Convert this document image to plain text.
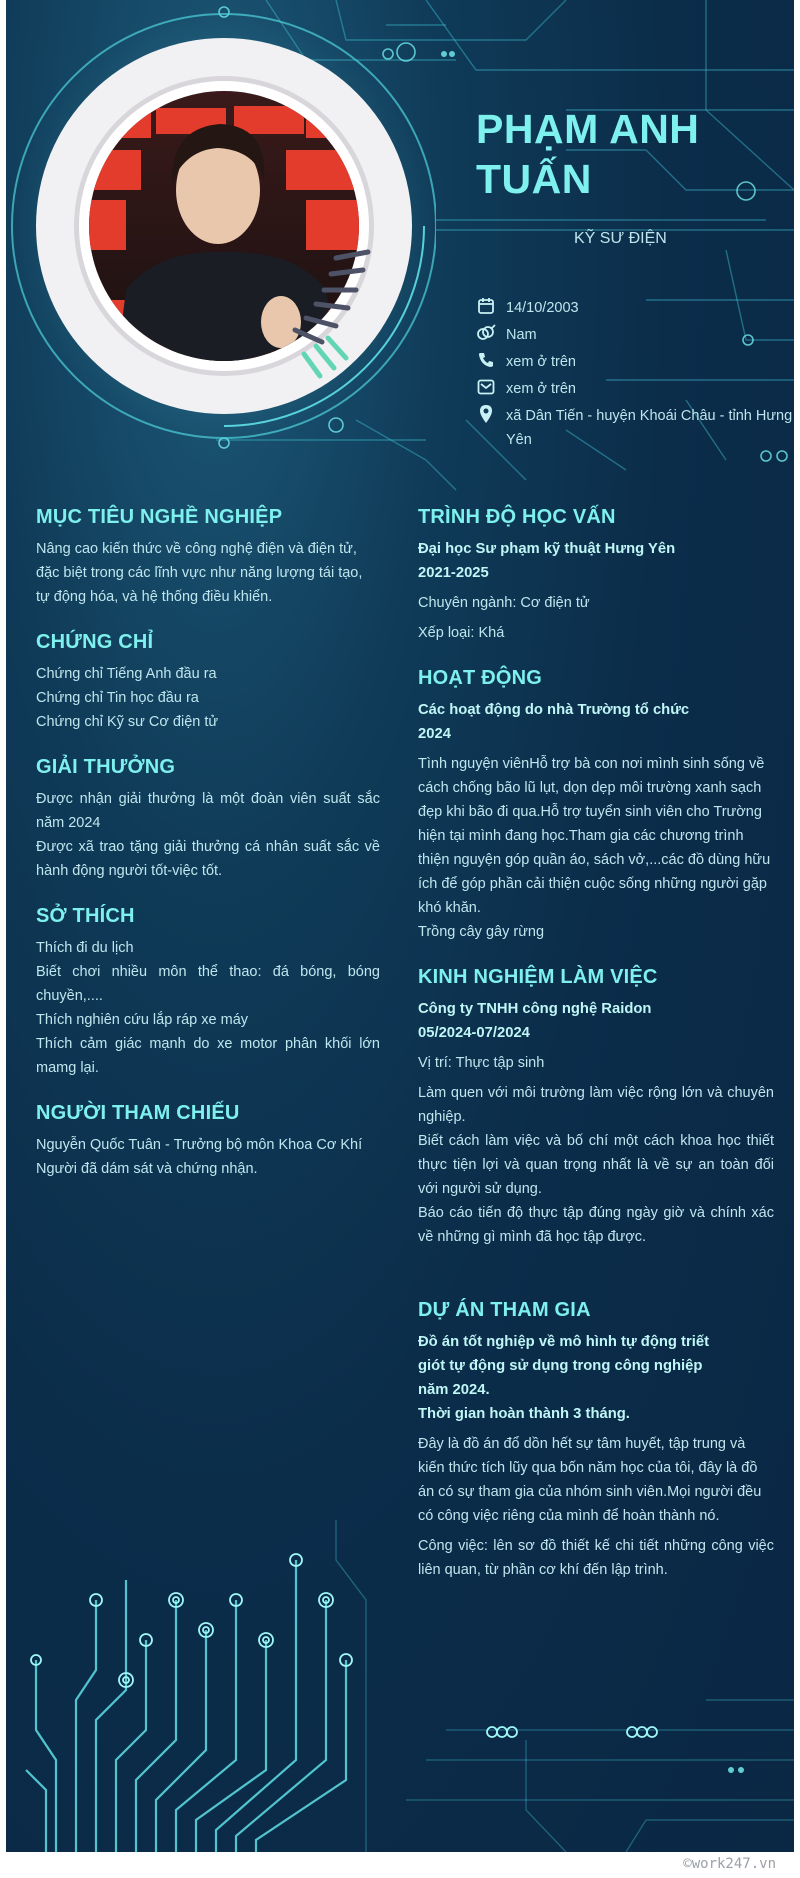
PHẠM ANH
TUẤN
KỸ SƯ ĐIỆN
14/10/2003
Nam
xem ở trên
xem ở trên
xã Dân Tiến - huyện Khoái Châu - tỉnh Hưng Yên
MỤC TIÊU NGHỀ NGHIỆP

Nâng cao kiến thức về công nghệ điện và điện tử, đặc biệt trong các lĩnh vực như năng lượng tái tạo, tự động hóa, và hệ thống điều khiển.

CHỨNG CHỈ

Chứng chỉ Tiếng Anh đầu ra

Chứng chỉ Tin học đầu ra

Chứng chỉ Kỹ sư Cơ điện tử

GIẢI THƯỞNG

Được nhận giải thưởng là một đoàn viên suất sắc năm 2024

Được xã trao tặng giải thưởng cá nhân suất sắc về hành động người tốt-việc tốt.

SỞ THÍCH

Thích đi du lịch

Biết chơi nhiều môn thể thao: đá bóng, bóng chuyền,....

Thích nghiên cứu lắp ráp xe máy

Thích cảm giác mạnh do xe motor phân khối lớn mamg lại.

NGƯỜI THAM CHIẾU

Nguyễn Quốc Tuân - Trưởng bộ môn Khoa Cơ Khí

Người đã dám sát và chứng nhận.

TRÌNH ĐỘ HỌC VẤN

Đại học Sư phạm kỹ thuật Hưng Yên

2021-2025

Chuyên ngành: Cơ điện tử

Xếp loại: Khá

HOẠT ĐỘNG

Các hoạt động do nhà Trường tổ chức

2024

Tình nguyện viênHỗ trợ bà con nơi mình sinh sống về cách chống bão lũ lụt, dọn dẹp môi trường xanh sạch đẹp khi bão đi qua.Hỗ trợ tuyển sinh viên cho Trường hiện tại mình đang học.Tham gia các chương trình thiện nguyện góp quần áo, sách vở,...các đồ dùng hữu ích để góp phần cải thiện cuộc sống những người gặp khó khăn.

Trồng cây gây rừng

KINH NGHIỆM LÀM VIỆC

Công ty TNHH công nghệ Raidon

05/2024-07/2024

Vị trí: Thực tập sinh

Làm quen với môi trường làm việc rộng lớn và chuyên nghiệp.

Biết cách làm việc và bố chí một cách khoa học thiết thực tiện lợi và quan trọng nhất là về sự an toàn đối với người sử dụng.

Báo cáo tiến độ thực tập đúng ngày giờ và chính xác về những gì mình đã học tập được.

DỰ ÁN THAM GIA

Đồ án tốt nghiệp về mô hình tự động triết

giót tự động sử dụng trong công nghiệp

năm 2024.

Thời gian hoàn thành 3 tháng.

Đây là đồ án đổ dồn hết sự tâm huyết, tập trung và kiến thức tích lũy qua bốn năm học của tôi, đây là đồ án có sự tham gia của nhóm sinh viên.Mọi người đều có công việc riêng của mình để hoàn thành nó.

Công việc: lên sơ đồ thiết kế chi tiết những công việc liên quan, từ phần cơ khí đến lập trình.

©work247.vn
